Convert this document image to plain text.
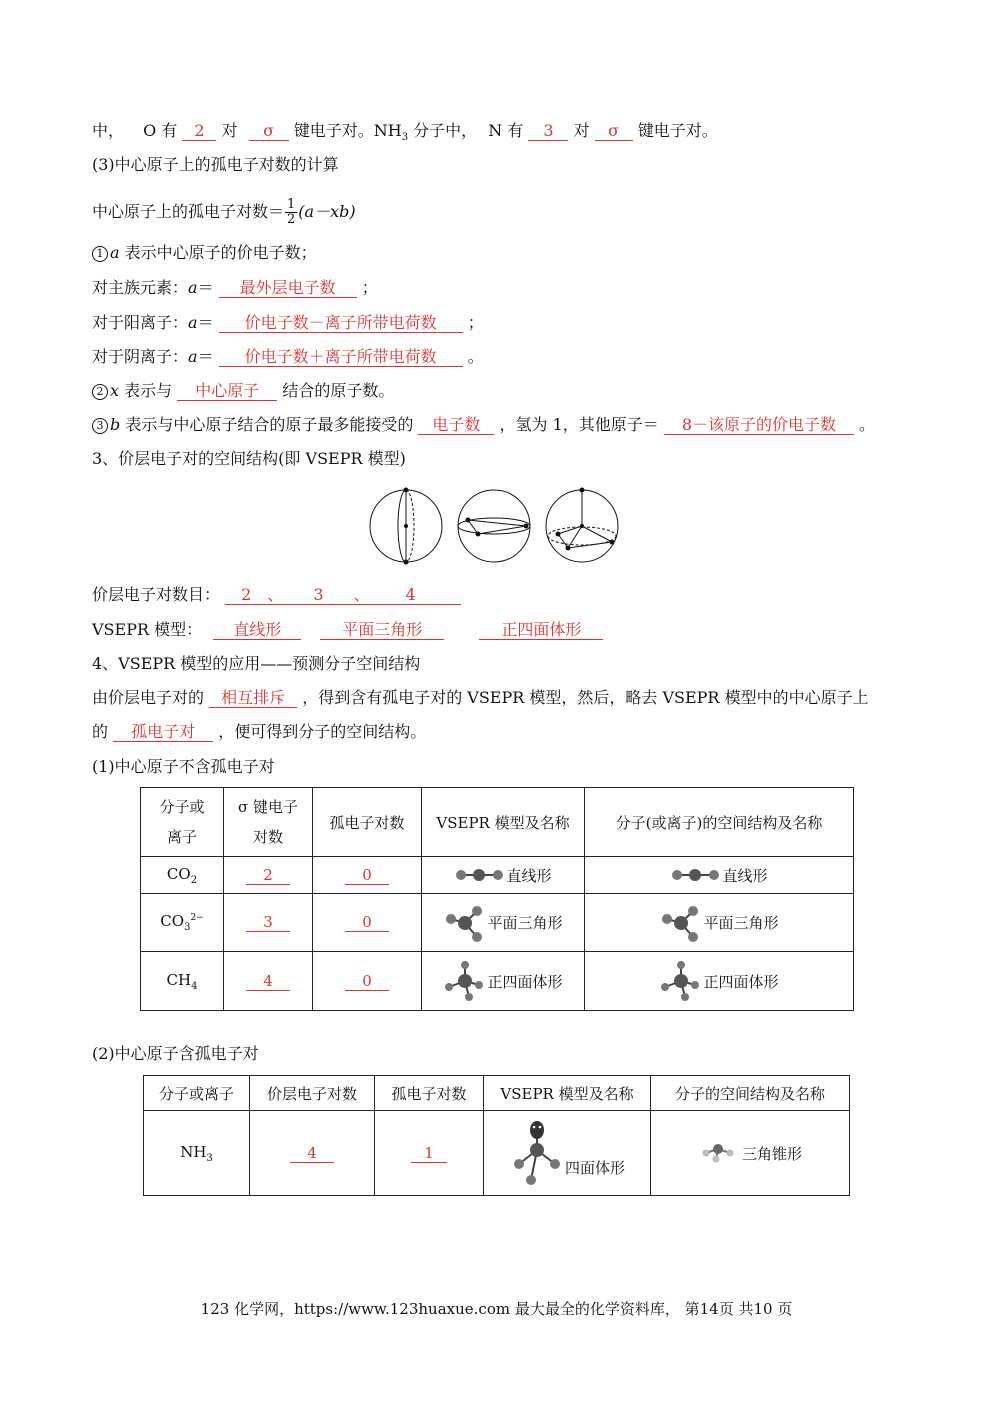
中， O 有 2 对 σ 键电子对。$NH_3$ 分子中， N 有 3 对 σ 键电子对。
(3)中心原子上的孤电子对数的计算
中心原子上的孤电子对数＝ $\frac{1}{2} (a-xb)$
1 a 表示中心原子的价电子数；
对主族元素：a＝ 最外层电子数 ；
对于阳离子：a＝ 价电子数－离子所带电荷数 ；
对于阴离子：a＝ 价电子数＋离子所带电荷数 。
2 x 表示与 中心原子 结合的原子数。
3 b 表示与中心原子结合的原子最多能接受的 电子数 ，氢为 1，其他原子＝ 8－该原子的价电子数 。
3、价层电子对的空间结构(即 VSEPR 模型)
价层电子对数目： 2 、 3 、 4
VSEPR 模型： 直线形	平面三角形	正四面体形
4、VSEPR 模型的应用——预测分子空间结构
由价层电子对的 相互排斥 ，得到含有孤电子对的 VSEPR 模型，然后，略去 VSEPR 模型中的中心原子上
的 孤电子对 ，便可得到分子的空间结构。
(1)中心原子不含孤电子对
分子或离子	σ 键电子对数	孤电子对数	VSEPR 模型及名称	分子(或离子)的空间结构及名称
$CO_2$	2	0	直线形	直线形

$CO_3^{2-}$	3	0	平面三角形	平面三角形

$CH_4$	4	0	正四面体形	正四面体形
(2)中心原子含孤电子对
分子或离子	价层电子对数	孤电子对数	VSEPR 模型及名称	分子的空间结构及名称
$NH_3$	4	1	四面体形	三角锥形
123 化学网，https://www.123huaxue.com 最大最全的化学资料库， 第14页 共10 页
